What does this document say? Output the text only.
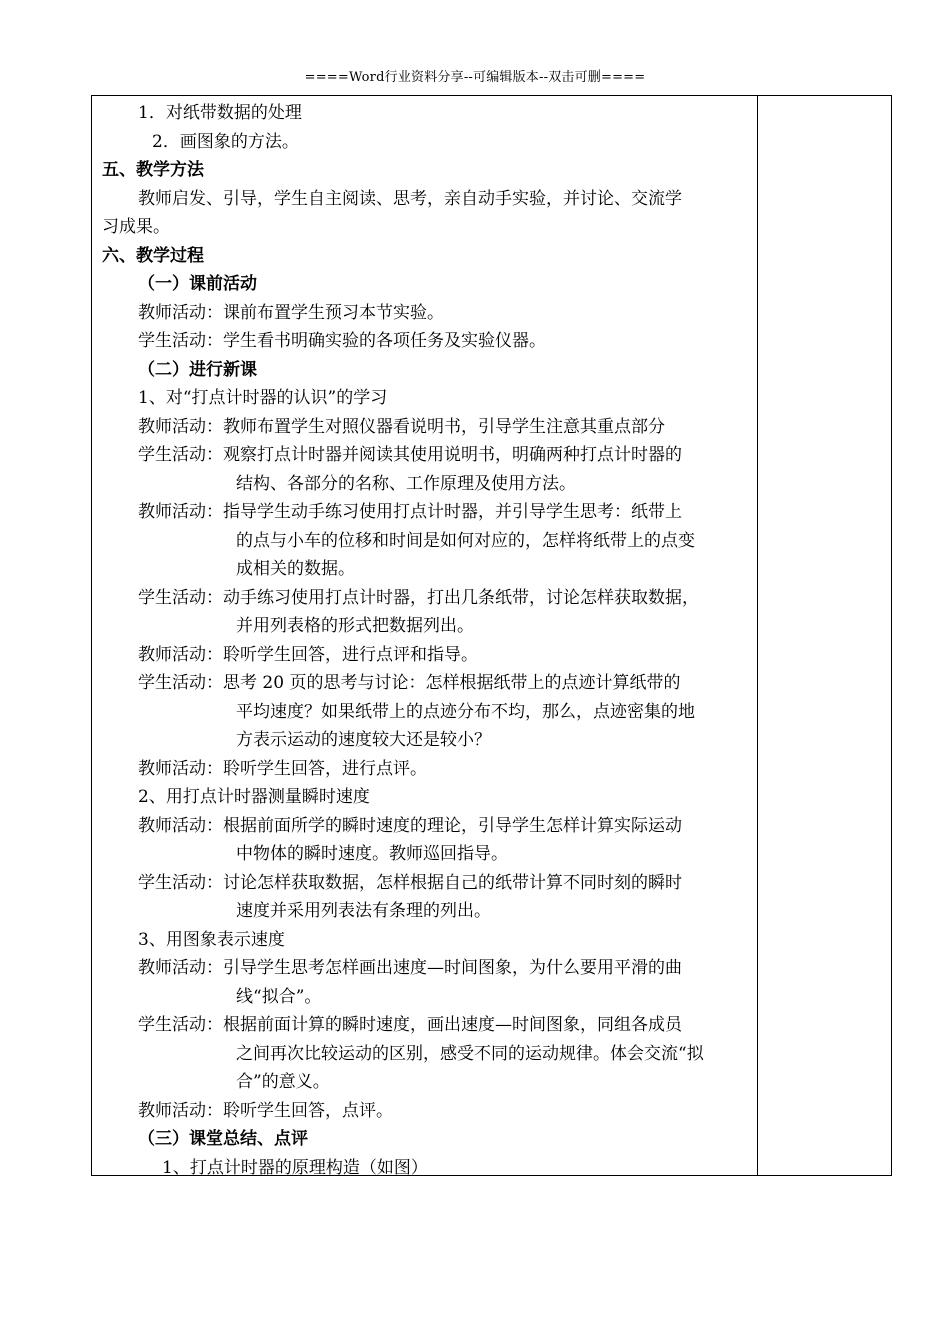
====Word行业资料分享--可编辑版本--双击可删====
1．对纸带数据的处理
2．画图象的方法。
五、教学方法
教师启发、引导，学生自主阅读、思考，亲自动手实验，并讨论、交流学
习成果。
六、教学过程
（一）课前活动
教师活动：课前布置学生预习本节实验。
学生活动：学生看书明确实验的各项任务及实验仪器。
（二）进行新课
1、对“打点计时器的认识”的学习
教师活动：教师布置学生对照仪器看说明书，引导学生注意其重点部分
学生活动：观察打点计时器并阅读其使用说明书，明确两种打点计时器的
结构、各部分的名称、工作原理及使用方法。
教师活动：指导学生动手练习使用打点计时器，并引导学生思考：纸带上
的点与小车的位移和时间是如何对应的，怎样将纸带上的点变
成相关的数据。
学生活动：动手练习使用打点计时器，打出几条纸带，讨论怎样获取数据，
并用列表格的形式把数据列出。
教师活动：聆听学生回答，进行点评和指导。
学生活动：思考 20 页的思考与讨论：怎样根据纸带上的点迹计算纸带的
平均速度？如果纸带上的点迹分布不均，那么，点迹密集的地
方表示运动的速度较大还是较小？
教师活动：聆听学生回答，进行点评。
2、用打点计时器测量瞬时速度
教师活动：根据前面所学的瞬时速度的理论，引导学生怎样计算实际运动
中物体的瞬时速度。教师巡回指导。
学生活动：讨论怎样获取数据，怎样根据自己的纸带计算不同时刻的瞬时
速度并采用列表法有条理的列出。
3、用图象表示速度
教师活动：引导学生思考怎样画出速度—时间图象，为什么要用平滑的曲
线“拟合”。
学生活动：根据前面计算的瞬时速度，画出速度—时间图象，同组各成员
之间再次比较运动的区别，感受不同的运动规律。体会交流“拟
合”的意义。
教师活动：聆听学生回答，点评。
（三）课堂总结、点评
1、打点计时器的原理构造（如图）
